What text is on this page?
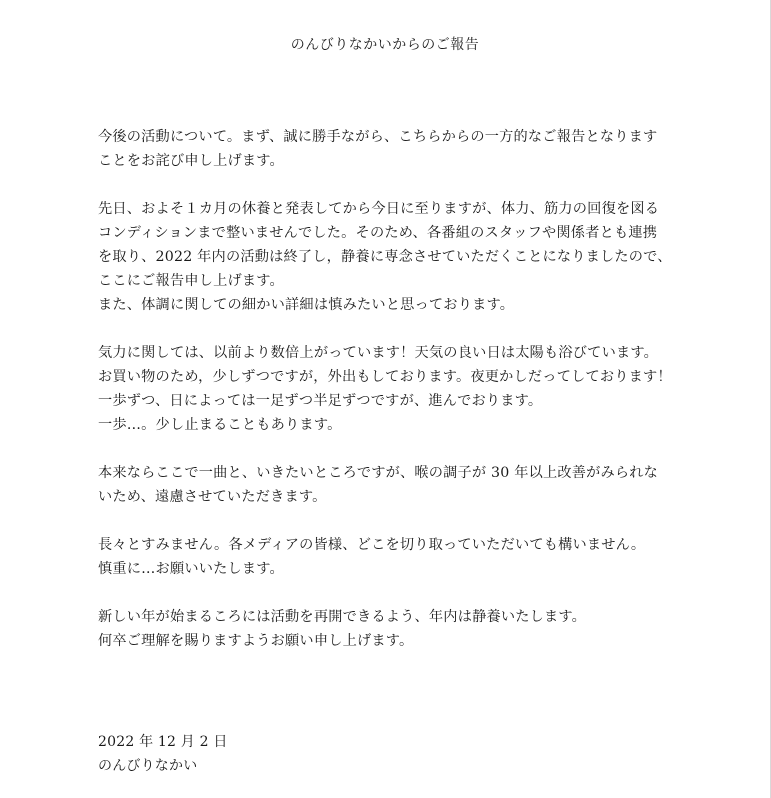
のんびりなかいからのご報告
今後の活動について。まず、誠に勝手ながら、こちらからの一方的なご報告となります
ことをお詫び申し上げます。
先日、およそ１カ月の休養と発表してから今日に至りますが、体力、筋力の回復を図る
コンディションまで整いませんでした。そのため、各番組のスタッフや関係者とも連携
を取り、2022 年内の活動は終了し，静養に専念させていただくことになりましたので、
ここにご報告申し上げます。
また、体調に関しての細かい詳細は慎みたいと思っております。
気力に関しては、以前より数倍上がっています！天気の良い日は太陽も浴びています。
お買い物のため，少しずつですが，外出もしております。夜更かしだってしております！
一歩ずつ、日によっては一足ずつ半足ずつですが、進んでおります。
一歩…。少し止まることもあります。
本来ならここで一曲と、いきたいところですが、喉の調子が 30 年以上改善がみられな
いため、遠慮させていただきます。
長々とすみません。各メディアの皆様、どこを切り取っていただいても構いません。
慎重に…お願いいたします。
新しい年が始まるころには活動を再開できるよう、年内は静養いたします。
何卒ご理解を賜りますようお願い申し上げます。
2022 年 12 月 2 日
のんびりなかい
